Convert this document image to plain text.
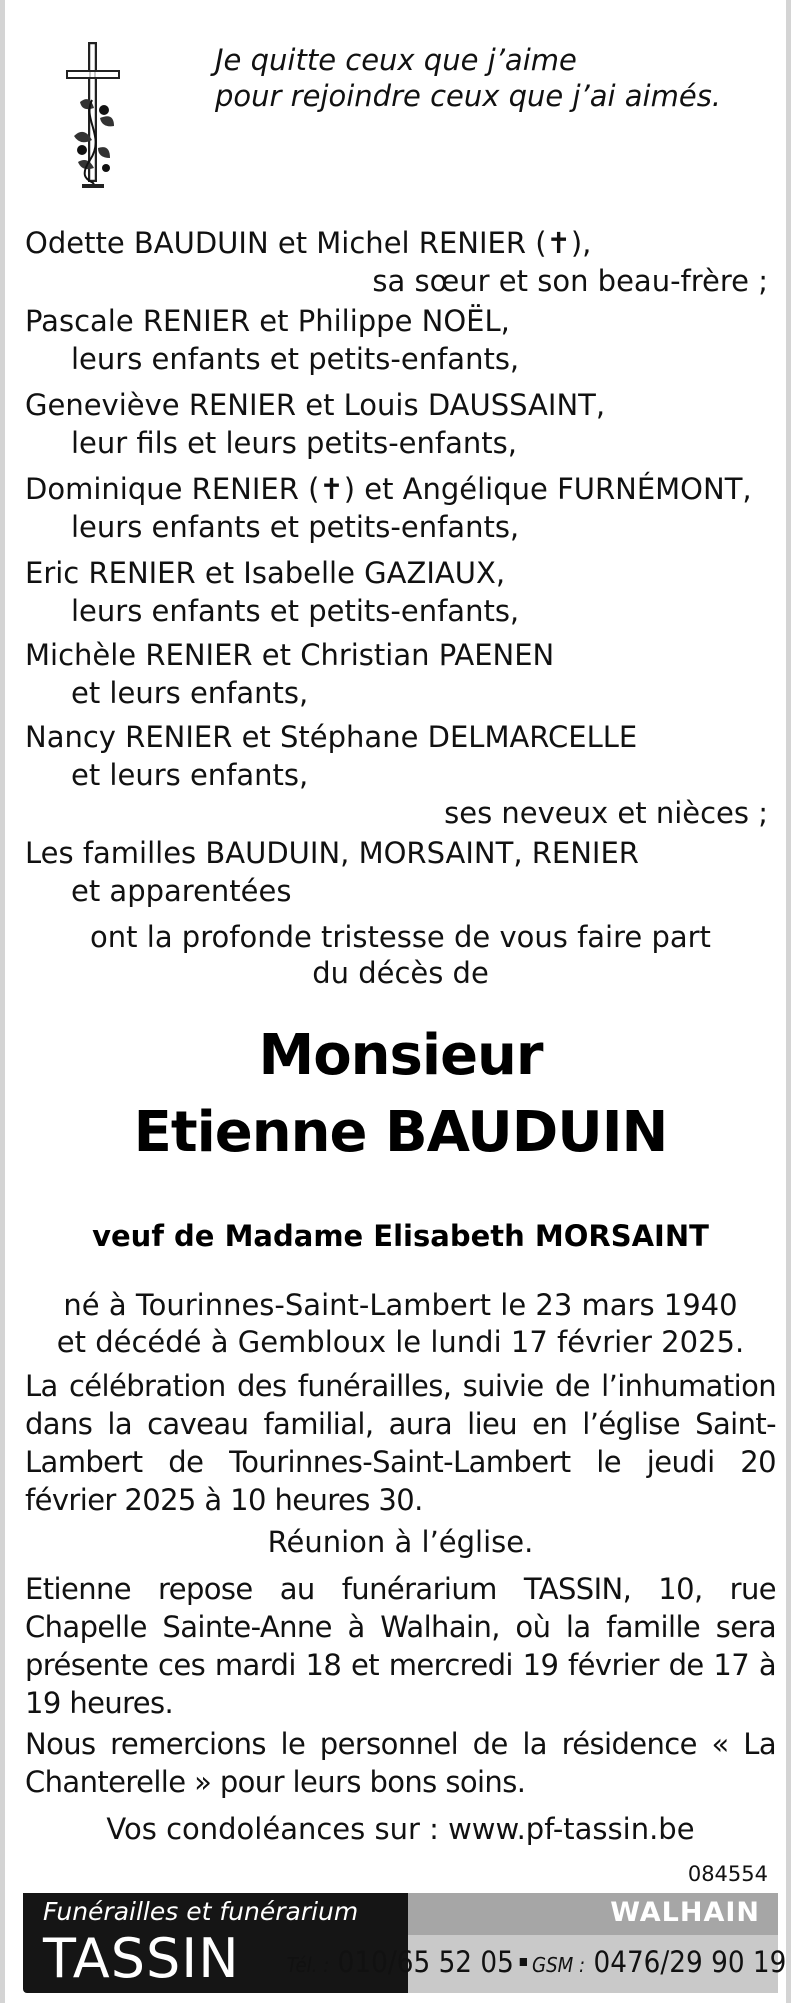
Je quitte ceux que j’aime
pour rejoindre ceux que j’ai aimés.
Odette BAUDUIN et Michel RENIER (✝),
sa sœur et son beau-frère ;
Pascale RENIER et Philippe NOËL,
leurs enfants et petits-enfants,
Geneviève RENIER et Louis DAUSSAINT,
leur fils et leurs petits-enfants,
Dominique RENIER (✝) et Angélique FURNÉMONT,
leurs enfants et petits-enfants,
Eric RENIER et Isabelle GAZIAUX,
leurs enfants et petits-enfants,
Michèle RENIER et Christian PAENEN
et leurs enfants,
Nancy RENIER et Stéphane DELMARCELLE
et leurs enfants,
ses neveux et nièces ;
Les familles BAUDUIN, MORSAINT, RENIER
et apparentées
ont la profonde tristesse de vous faire part
du décès de
Monsieur
Etienne BAUDUIN
veuf de Madame Elisabeth MORSAINT
né à Tourinnes-Saint-Lambert le 23 mars 1940
et décédé à Gembloux le lundi 17 février 2025.
La célébration des funérailles, suivie de l’inhumation dans la caveau familial, aura lieu en l’église Saint-Lambert de Tourinnes-Saint-Lambert le jeudi 20 février 2025 à 10 heures 30.
Réunion à l’église.
Etienne repose au funérarium TASSIN, 10, rue Chapelle Sainte-Anne à Walhain, où la famille sera présente ces mardi 18 et mercredi 19 février de 17 à 19 heures.
Nous remercions le personnel de la résidence « La Chanterelle » pour leurs bons soins.
Vos condoléances sur : www.pf-tassin.be
084554
Funérailles et funérarium
TASSIN
WALHAIN
Tél. : 010/65 52 05 GSM : 0476/29 90 19
